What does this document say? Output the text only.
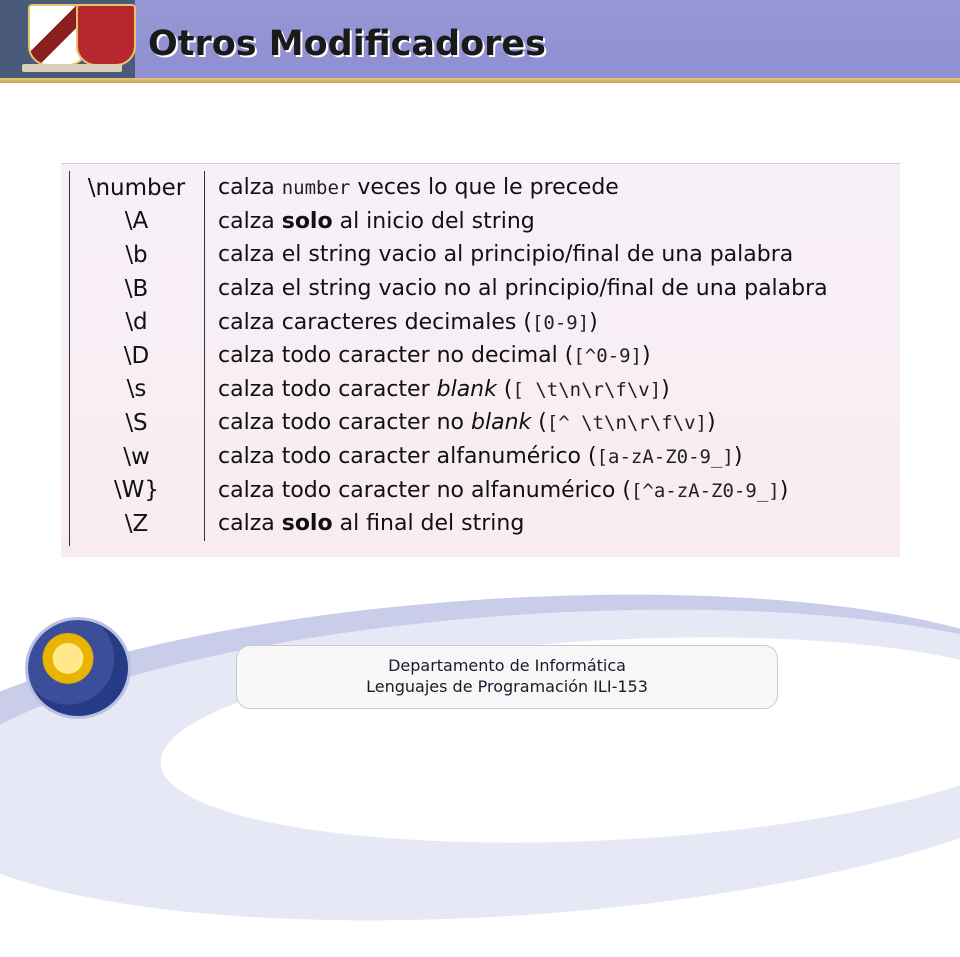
Otros Modificadores
\number	calza number veces lo que le precede
\A	calza solo al inicio del string
\b	calza el string vacio al principio/final de una palabra
\B	calza el string vacio no al principio/final de una palabra
\d	calza caracteres decimales ([0-9])
\D	calza todo caracter no decimal ([^0-9])
\s	calza todo caracter blank ([ \t\n\r\f\v])
\S	calza todo caracter no blank ([^ \t\n\r\f\v])
\w	calza todo caracter alfanumérico ([a-zA-Z0-9_])
\W}	calza todo caracter no alfanumérico ([^a-zA-Z0-9_])
\Z	calza solo al final del string
Departamento de Informática
Lenguajes de Programación ILI-153
